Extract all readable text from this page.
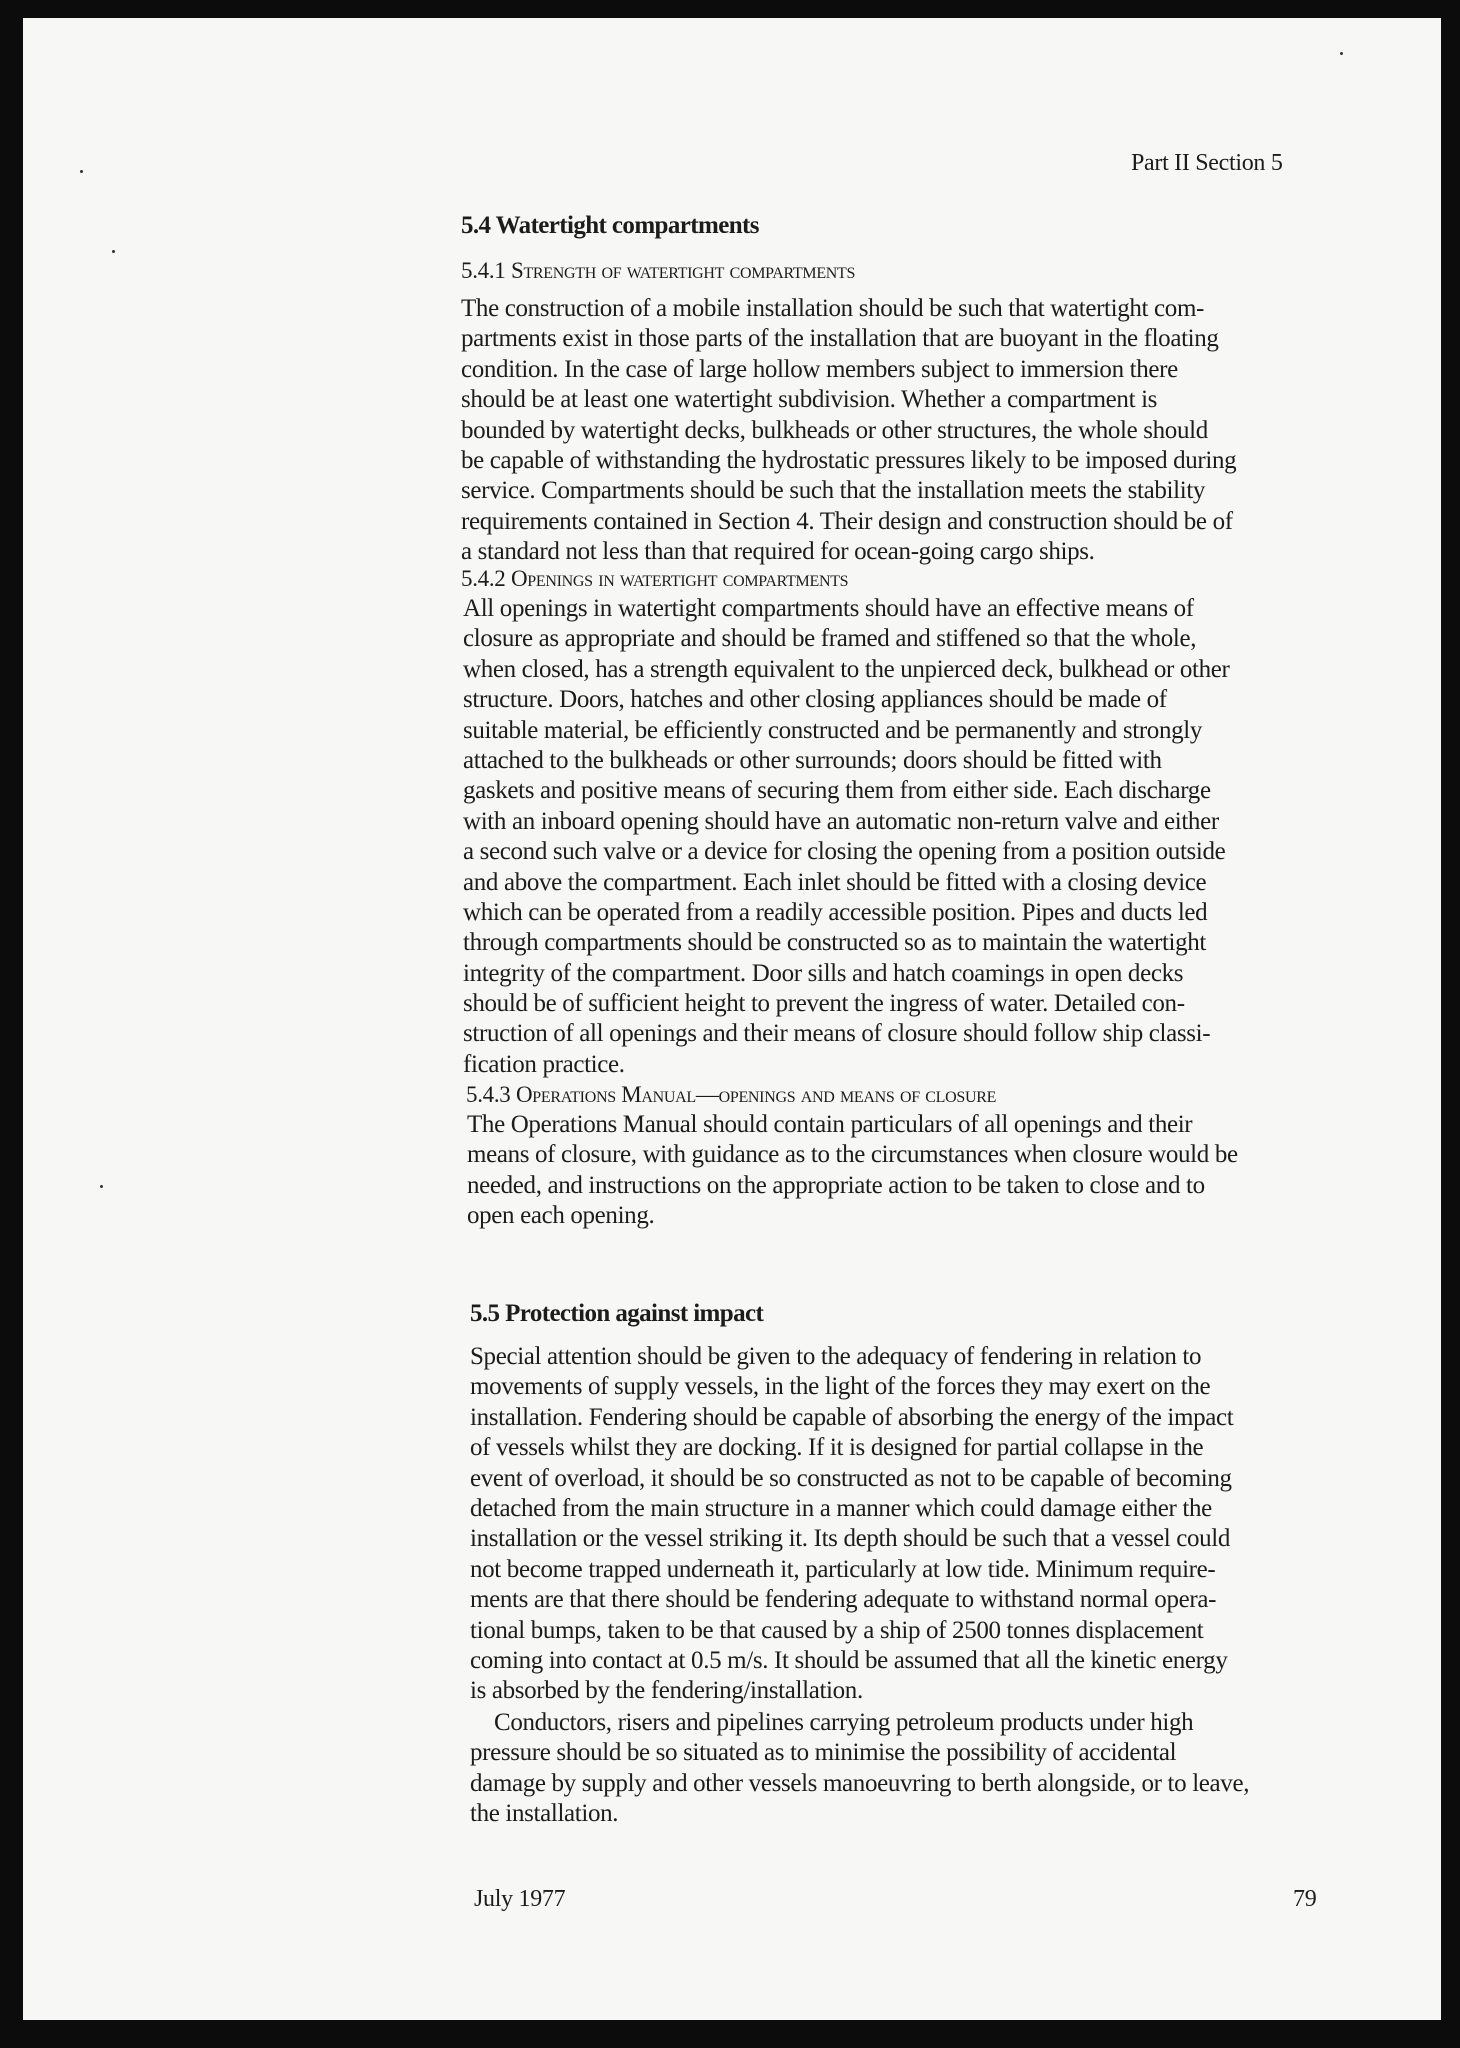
Part II Section 5
5.4 Watertight compartments
5.4.1 Strength of watertight compartments
The construction of a mobile installation should be such that watertight com-
partments exist in those parts of the installation that are buoyant in the floating
condition. In the case of large hollow members subject to immersion there
should be at least one watertight subdivision. Whether a compartment is
bounded by watertight decks, bulkheads or other structures, the whole should
be capable of withstanding the hydrostatic pressures likely to be imposed during
service. Compartments should be such that the installation meets the stability
requirements contained in Section 4. Their design and construction should be of
a standard not less than that required for ocean-going cargo ships.
5.4.2 Openings in watertight compartments
All openings in watertight compartments should have an effective means of
closure as appropriate and should be framed and stiffened so that the whole,
when closed, has a strength equivalent to the unpierced deck, bulkhead or other
structure. Doors, hatches and other closing appliances should be made of
suitable material, be efficiently constructed and be permanently and strongly
attached to the bulkheads or other surrounds; doors should be fitted with
gaskets and positive means of securing them from either side. Each discharge
with an inboard opening should have an automatic non-return valve and either
a second such valve or a device for closing the opening from a position outside
and above the compartment. Each inlet should be fitted with a closing device
which can be operated from a readily accessible position. Pipes and ducts led
through compartments should be constructed so as to maintain the watertight
integrity of the compartment. Door sills and hatch coamings in open decks
should be of sufficient height to prevent the ingress of water. Detailed con-
struction of all openings and their means of closure should follow ship classi-
fication practice.
5.4.3 Operations Manual—openings and means of closure
The Operations Manual should contain particulars of all openings and their
means of closure, with guidance as to the circumstances when closure would be
needed, and instructions on the appropriate action to be taken to close and to
open each opening.
5.5 Protection against impact
Special attention should be given to the adequacy of fendering in relation to
movements of supply vessels, in the light of the forces they may exert on the
installation. Fendering should be capable of absorbing the energy of the impact
of vessels whilst they are docking. If it is designed for partial collapse in the
event of overload, it should be so constructed as not to be capable of becoming
detached from the main structure in a manner which could damage either the
installation or the vessel striking it. Its depth should be such that a vessel could
not become trapped underneath it, particularly at low tide. Minimum require-
ments are that there should be fendering adequate to withstand normal opera-
tional bumps, taken to be that caused by a ship of 2500 tonnes displacement
coming into contact at 0.5 m/s. It should be assumed that all the kinetic energy
is absorbed by the fendering/installation.
Conductors, risers and pipelines carrying petroleum products under high
pressure should be so situated as to minimise the possibility of accidental
damage by supply and other vessels manoeuvring to berth alongside, or to leave,
the installation.
July 1977	79
